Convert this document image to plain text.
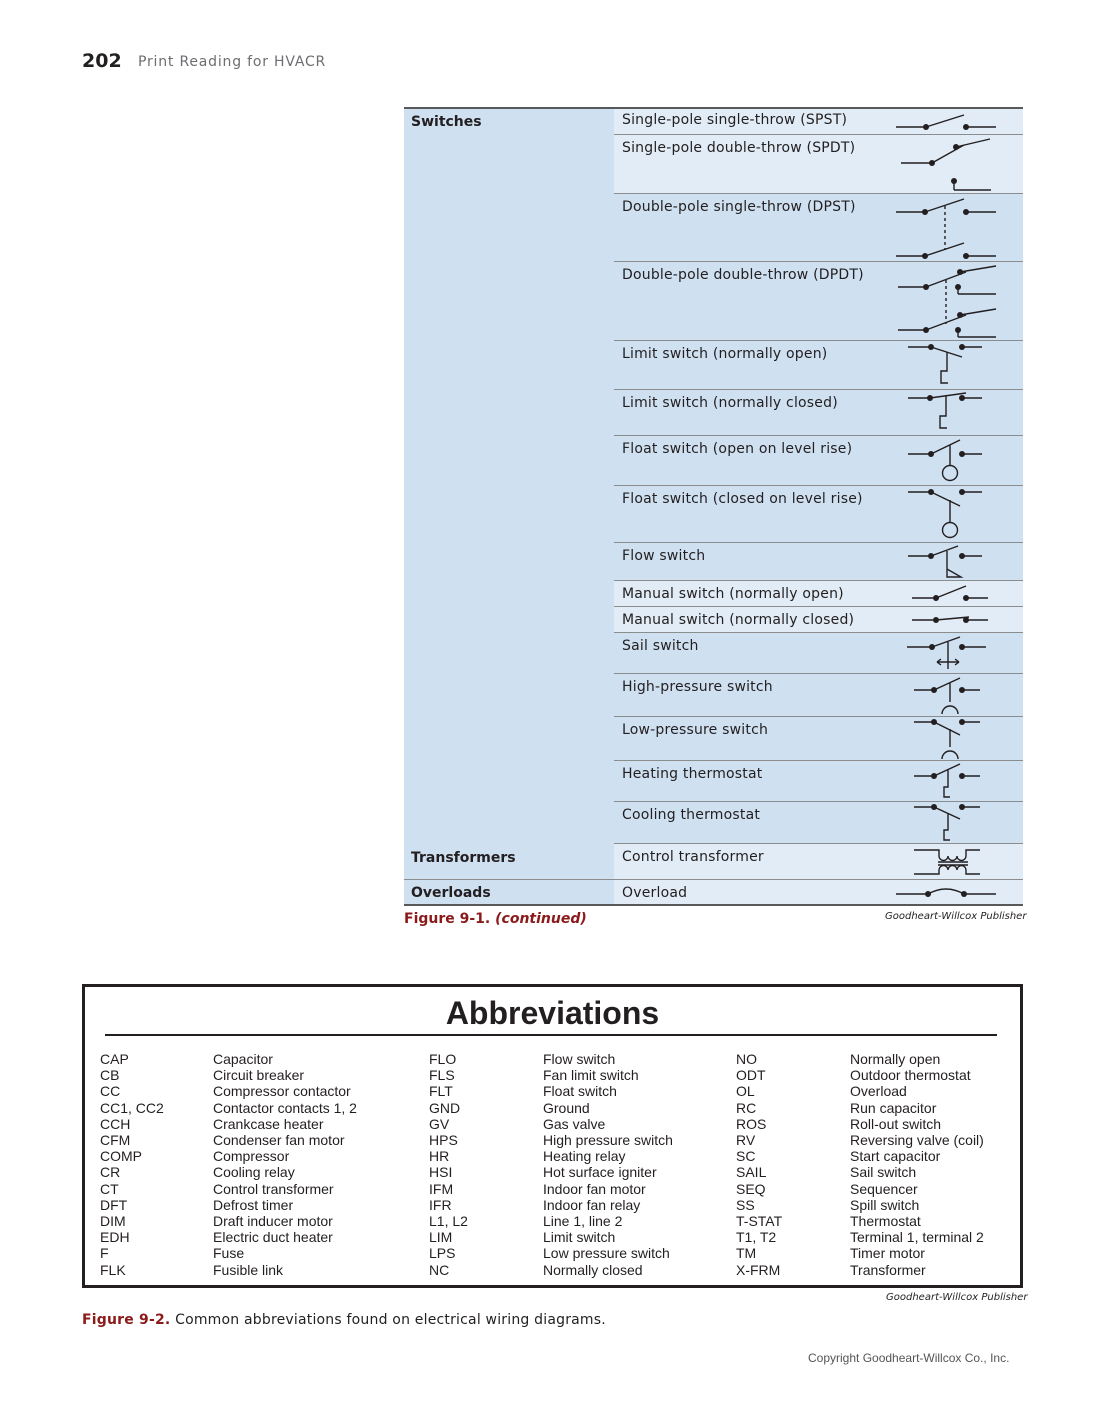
202 Print Reading for HVACR
Switches
Transformers
Overloads
Single-pole single-throw (SPST)
Single-pole double-throw (SPDT)
Double-pole single-throw (DPST)
Double-pole double-throw (DPDT)
Limit switch (normally open)
Limit switch (normally closed)
Float switch (open on level rise)
Float switch (closed on level rise)
Flow switch
Manual switch (normally open)
Manual switch (normally closed)
Sail switch
High-pressure switch
Low-pressure switch
Heating thermostat
Cooling thermostat
Control transformer
Overload
Figure 9-1. (continued)	Goodheart-Willcox Publisher
Abbreviations
CAP
CB
CC
CC1, CC2
CCH
CFM
COMP
CR
CT
DFT
DIM
EDH
F
FLK
Capacitor
Circuit breaker
Compressor contactor
Contactor contacts 1, 2
Crankcase heater
Condenser fan motor
Compressor
Cooling relay
Control transformer
Defrost timer
Draft inducer motor
Electric duct heater
Fuse
Fusible link
FLO
FLS
FLT
GND
GV
HPS
HR
HSI
IFM
IFR
L1, L2
LIM
LPS
NC
Flow switch
Fan limit switch
Float switch
Ground
Gas valve
High pressure switch
Heating relay
Hot surface igniter
Indoor fan motor
Indoor fan relay
Line 1, line 2
Limit switch
Low pressure switch
Normally closed
NO
ODT
OL
RC
ROS
RV
SC
SAIL
SEQ
SS
T-STAT
T1, T2
TM
X-FRM
Normally open
Outdoor thermostat
Overload
Run capacitor
Roll-out switch
Reversing valve (coil)
Start capacitor
Sail switch
Sequencer
Spill switch
Thermostat
Terminal 1, terminal 2
Timer motor
Transformer
Goodheart-Willcox Publisher
Figure 9-2. Common abbreviations found on electrical wiring diagrams.
Copyright Goodheart-Willcox Co., Inc.
